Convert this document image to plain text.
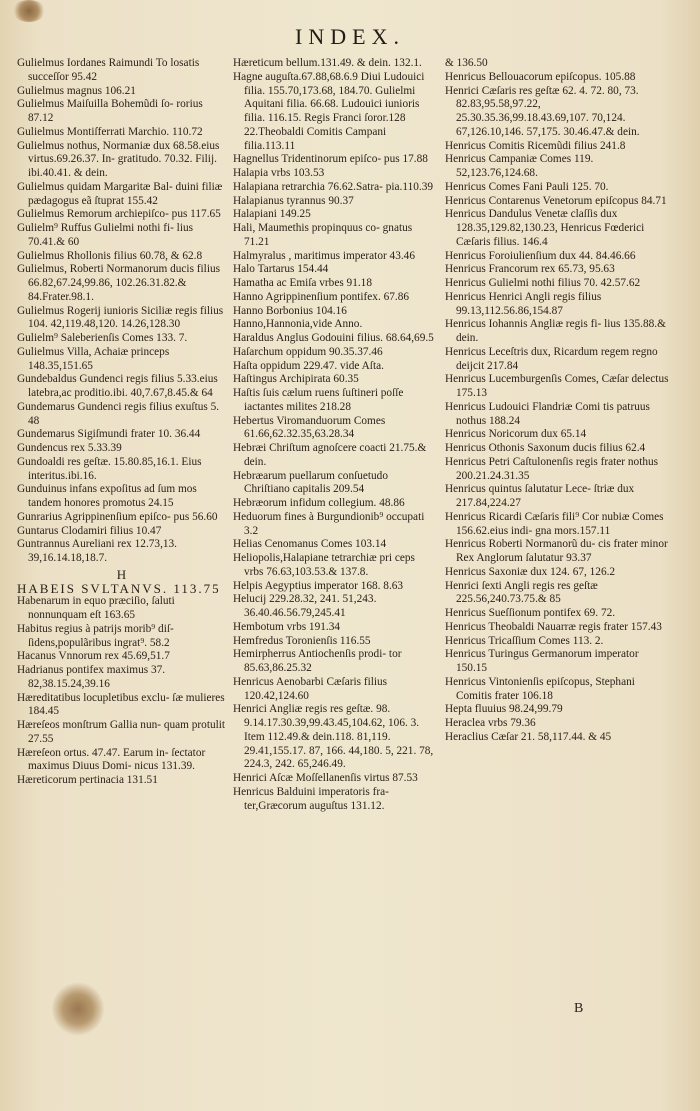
INDEX.

Gulielmus Iordanes Raimundi To losatis succeſſor 95.42

Gulielmus magnus 106.21

Gulielmus Maiſuilla Bohemũdi ſo- rorius 87.12

Gulielmus Montiſferrati Marchio. 110.72

Gulielmus nothus, Normaniæ dux 68.58.eius virtus.69.26.37. In- gratitudo. 70.32. Filij. ibi.40.41. & dein.

Gulielmus quidam Margaritæ Bal- duini filiæ pædagogus eã ſtuprat 155.42

Gulielmus Remorum archiepiſco- pus 117.65

Gulielm⁹ Ruffus Gulielmi nothi fi- lius 70.41.& 60

Gulielmus Rhollonis filius 60.78, & 62.8

Gulielmus, Roberti Normanorum ducis filius 66.82,67.24,99.86, 102.26.31.82.& 84.Frater.98.1.

Gulielmus Rogerij iunioris Siciliæ regis filius 104. 42,119.48,120. 14.26,128.30

Gulielm⁹ Saleberienſis Comes 133. 7.

Gulielmus Villa, Achaiæ princeps 148.35,151.65

Gundebaldus Gundenci regis filius 5.33.eius latebra,ac proditio.ibi. 40,7.67,8.45.& 64

Gundemarus Gundenci regis filius exuſtus 5. 48

Gundemarus Sigiſmundi frater 10. 36.44

Gundencus rex 5.33.39

Gundoaldi res geſtæ. 15.80.85,16.1. Eius interitus.ibi.16.

Gunduinus infans expoſitus ad ſum mos tandem honores promotus 24.15

Gunrarius Agrippinenſium epiſco- pus 56.60

Guntarus Clodamiri filius 10.47

Guntrannus Aureliani rex 12.73,13. 39,16.14.18,18.7.

H

HABEIS SVLTANVS. 113.75

Habenarum in equo præciſio, ſaluti nonnunquam eſt 163.65

Habitus regius à patrijs morib⁹ diſ- ſidens,populãribus ingrat⁹. 58.2

Hacanus Vnnorum rex 45.69,51.7

Hadrianus pontifex maximus 37. 82,38.15.24,39.16

Hæreditatibus locupletibus exclu- ſæ mulieres 184.45

Hæreſeos monſtrum Gallia nun- quam protulit 27.55

Hæreſeon ortus. 47.47. Earum in- ſectator maximus Diuus Domi- nicus 131.39.

Hæreticorum pertinacia 131.51

Hæreticum bellum.131.49. & dein. 132.1.

Hagne auguſta.67.88,68.6.9 Diui Ludouici filia. 155.70,173.68, 184.70. Gulielmi Aquitani filia. 66.68. Ludouici iunioris filia. 116.15. Regis Franci ſoror.128 22.Theobaldi Comitis Campani filia.113.11

Hagnellus Tridentinorum epiſco- pus 17.88

Halapia vrbs 103.53

Halapiana retrarchia 76.62.Satra- pia.110.39

Halapianus tyrannus 90.37

Halapiani 149.25

Hali, Maumethis propinquus co- gnatus 71.21

Halmyralus , maritimus imperator 43.46

Halo Tartarus 154.44

Hamatha ac Emiſa vrbes 91.18

Hanno Agrippinenſium pontifex. 67.86

Hanno Borbonius 104.16

Hanno,Hannonia,vide Anno.

Haraldus Anglus Godouini filius. 68.64,69.5

Haſarchum oppidum 90.35.37.46

Haſta oppidum 229.47. vide Aſta.

Haſtingus Archipirata 60.35

Haſtis ſuis cælum ruens ſuſtineri poſſe iactantes milites 218.28

Hebertus Viromanduorum Comes 61.66,62.32.35,63.28.34

Hebræi Chriſtum agnoſcere coacti 21.75.& dein.

Hebræarum puellarum conſuetudo Chriſtiano capitalis 209.54

Hebræorum infidum collegium. 48.86

Heduorum fines à Burgundionib⁹ occupati 3.2

Helias Cenomanus Comes 103.14

Heliopolis,Halapiane tetrarchiæ pri ceps vrbs 76.63,103.53.& 137.8.

Helpis Aegyptius imperator 168. 8.63

Helucij 229.28.32, 241. 51,243. 36.40.46.56.79,245.41

Hembotum vrbs 191.34

Hemfredus Toronienſis 116.55

Hemirpherrus Antiochenſis prodi- tor 85.63,86.25.32

Henricus Aenobarbi Cæſaris filius 120.42,124.60

Henrici Angliæ regis res geſtæ. 98. 9.14.17.30.39,99.43.45,104.62, 106. 3. Item 112.49.& dein.118. 81,119. 29.41,155.17. 87, 166. 44,180. 5, 221. 78, 224.3, 242. 65,246.49.

Henrici Aſcæ Moſſellanenſis virtus 87.53

Henricus Balduini imperatoris fra- ter,Græcorum auguſtus 131.12.

& 136.50

Henricus Bellouacorum epiſcopus. 105.88

Henrici Cæſaris res geſtæ 62. 4. 72. 80, 73. 82.83,95.58,97.22, 25.30.35.36,99.18.43.69,107. 70,124. 67,126.10,146. 57,175. 30.46.47.& dein.

Henricus Comitis Ricemũdi filius 241.8

Henricus Campaniæ Comes 119. 52,123.76,124.68.

Henricus Comes Fani Pauli 125. 70.

Henricus Contarenus Venetorum epiſcopus 84.71

Henricus Dandulus Venetæ claſſis dux 128.35,129.82,130.23, Henricus Fœderici Cæſaris filius. 146.4

Henricus Foroiulienſium dux 44. 84.46.66

Henricus Francorum rex 65.73, 95.63

Henricus Gulielmi nothi filius 70. 42.57.62

Henricus Henrici Angli regis filius 99.13,112.56.86,154.87

Henricus Iohannis Angliæ regis fi- lius 135.88.& dein.

Henricus Leceſtris dux, Ricardum regem regno deijcit 217.84

Henricus Lucemburgenſis Comes, Cæſar delectus 175.13

Henricus Ludouici Flandriæ Comi tis patruus nothus 188.24

Henricus Noricorum dux 65.14

Henricus Othonis Saxonum ducis filius 62.4

Henricus Petri Caſtulonenſis regis frater nothus 200.21.24.31.35

Henricus quintus ſalutatur Lece- ſtriæ dux 217.84,224.27

Henricus Ricardi Cæſaris fili⁹ Cor nubiæ Comes 156.62.eius indi- gna mors.157.11

Henricus Roberti Normanorũ du- cis frater minor Rex Anglorum ſalutatur 93.37

Henricus Saxoniæ dux 124. 67, 126.2

Henrici ſexti Angli regis res geſtæ 225.56,240.73.75.& 85

Henricus Sueſſionum pontifex 69. 72.

Henricus Theobaldi Nauarræ regis frater 157.43

Henricus Tricaſſium Comes 113. 2.

Henricus Turingus Germanorum imperator 150.15

Henricus Vintonienſis epiſcopus, Stephani Comitis frater 106.18

Hepta fluuius 98.24,99.79

Heraclea vrbs 79.36

Heraclius Cæſar 21. 58,117.44. & 45

B
